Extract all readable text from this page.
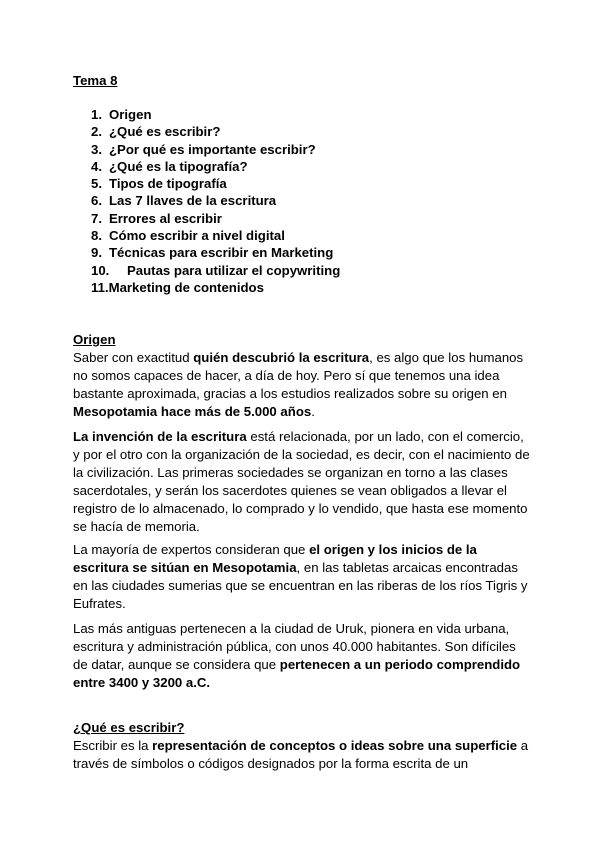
Tema 8
1. Origen
2. ¿Qué es escribir?
3. ¿Por qué es importante escribir?
4. ¿Qué es la tipografía?
5. Tipos de tipografía
6. Las 7 llaves de la escritura
7. Errores al escribir
8. Cómo escribir a nivel digital
9. Técnicas para escribir en Marketing
10. Pautas para utilizar el copywriting
11.Marketing de contenidos
Origen

Saber con exactitud quién descubrió la escritura, es algo que los humanos no somos capaces de hacer, a día de hoy. Pero sí que tenemos una idea bastante aproximada, gracias a los estudios realizados sobre su origen en Mesopotamia hace más de 5.000 años.

La invención de la escritura está relacionada, por un lado, con el comercio, y por el otro con la organización de la sociedad, es decir, con el nacimiento de la civilización. Las primeras sociedades se organizan en torno a las clases sacerdotales, y serán los sacerdotes quienes se vean obligados a llevar el registro de lo almacenado, lo comprado y lo vendido, que hasta ese momento se hacía de memoria.

La mayoría de expertos consideran que el origen y los inicios de la escritura se sitúan en Mesopotamia, en las tabletas arcaicas encontradas en las ciudades sumerias que se encuentran en las riberas de los ríos Tigris y Eufrates.

Las más antiguas pertenecen a la ciudad de Uruk, pionera en vida urbana, escritura y administración pública, con unos 40.000 habitantes. Son difíciles de datar, aunque se considera que pertenecen a un periodo comprendido entre 3400 y 3200 a.C.

¿Qué es escribir?

Escribir es la representación de conceptos o ideas sobre una superficie a través de símbolos o códigos designados por la forma escrita de un
